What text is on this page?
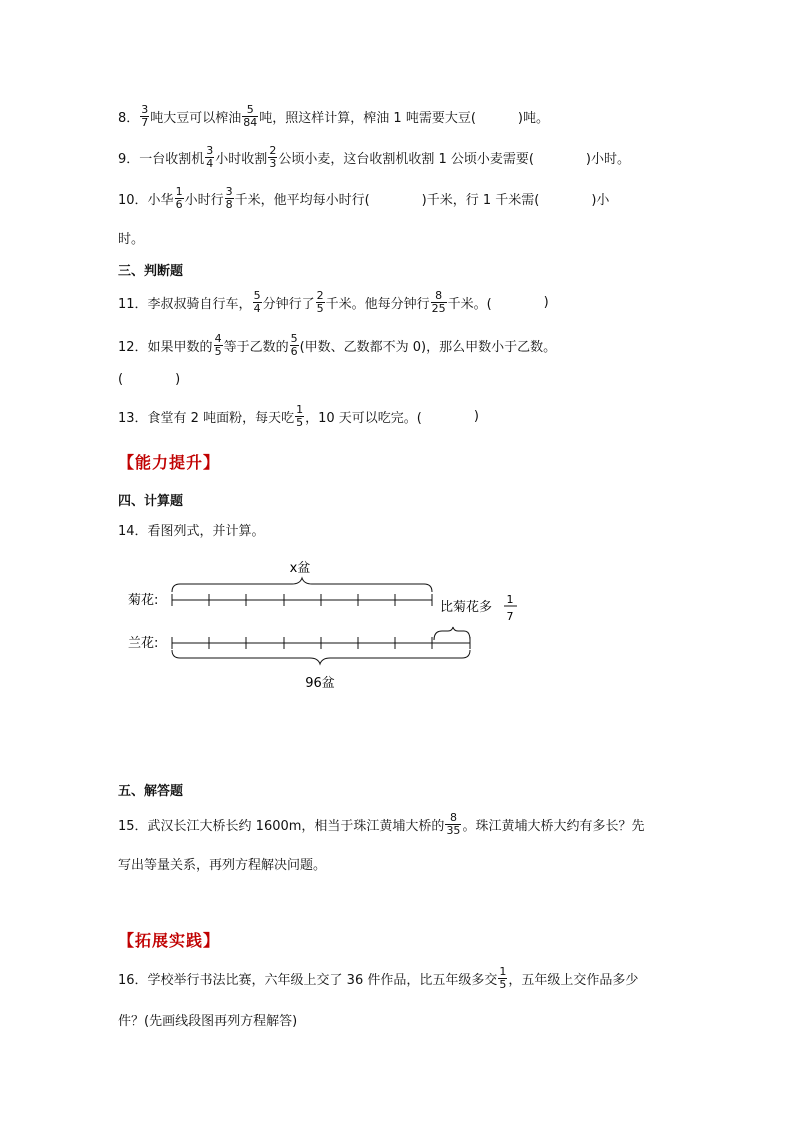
8． $\frac{3}{7}$ 吨大豆可以榨油 $\frac{5}{84}$ 吨，照这样计算，榨油 1 吨需要大豆(	)吨。
9． 一台收割机 $\frac{3}{4}$ 小时收割 $\frac{2}{3}$ 公顷小麦，这台收割机收割 1 公顷小麦需要(	)小时。
10． 小华 $\frac{1}{6}$ 小时行 $\frac{3}{8}$ 千米，他平均每小时行(	)千米，行 1 千米需(	)小
时。
三、判断题
11． 李叔叔骑自行车， $\frac{5}{4}$ 分钟行了 $\frac{2}{5}$ 千米。他每分钟行 $\frac{8}{25}$ 千米。(	)
12． 如果甲数的 $\frac{4}{5}$ 等于乙数的 $\frac{5}{6}$ (甲数、乙数都不为 0)，那么甲数小于乙数。
(	)
13． 食堂有 2 吨面粉，每天吃 $\frac{1}{5}$ ，10 天可以吃完。(	)
【能力提升】
四、计算题
14． 看图列式，并计算。
x盆
菊花:	比菊花多
1
7
兰花:
96盆
五、解答题
15． 武汉长江大桥长约 1600m，相当于珠江黄埔大桥的 $\frac{8}{35}$ 。珠江黄埔大桥大约有多长？先
写出等量关系，再列方程解决问题。
【拓展实践】
16． 学校举行书法比赛，六年级上交了 36 件作品，比五年级多交 $\frac{1}{5}$ ，五年级上交作品多少
件？(先画线段图再列方程解答)
